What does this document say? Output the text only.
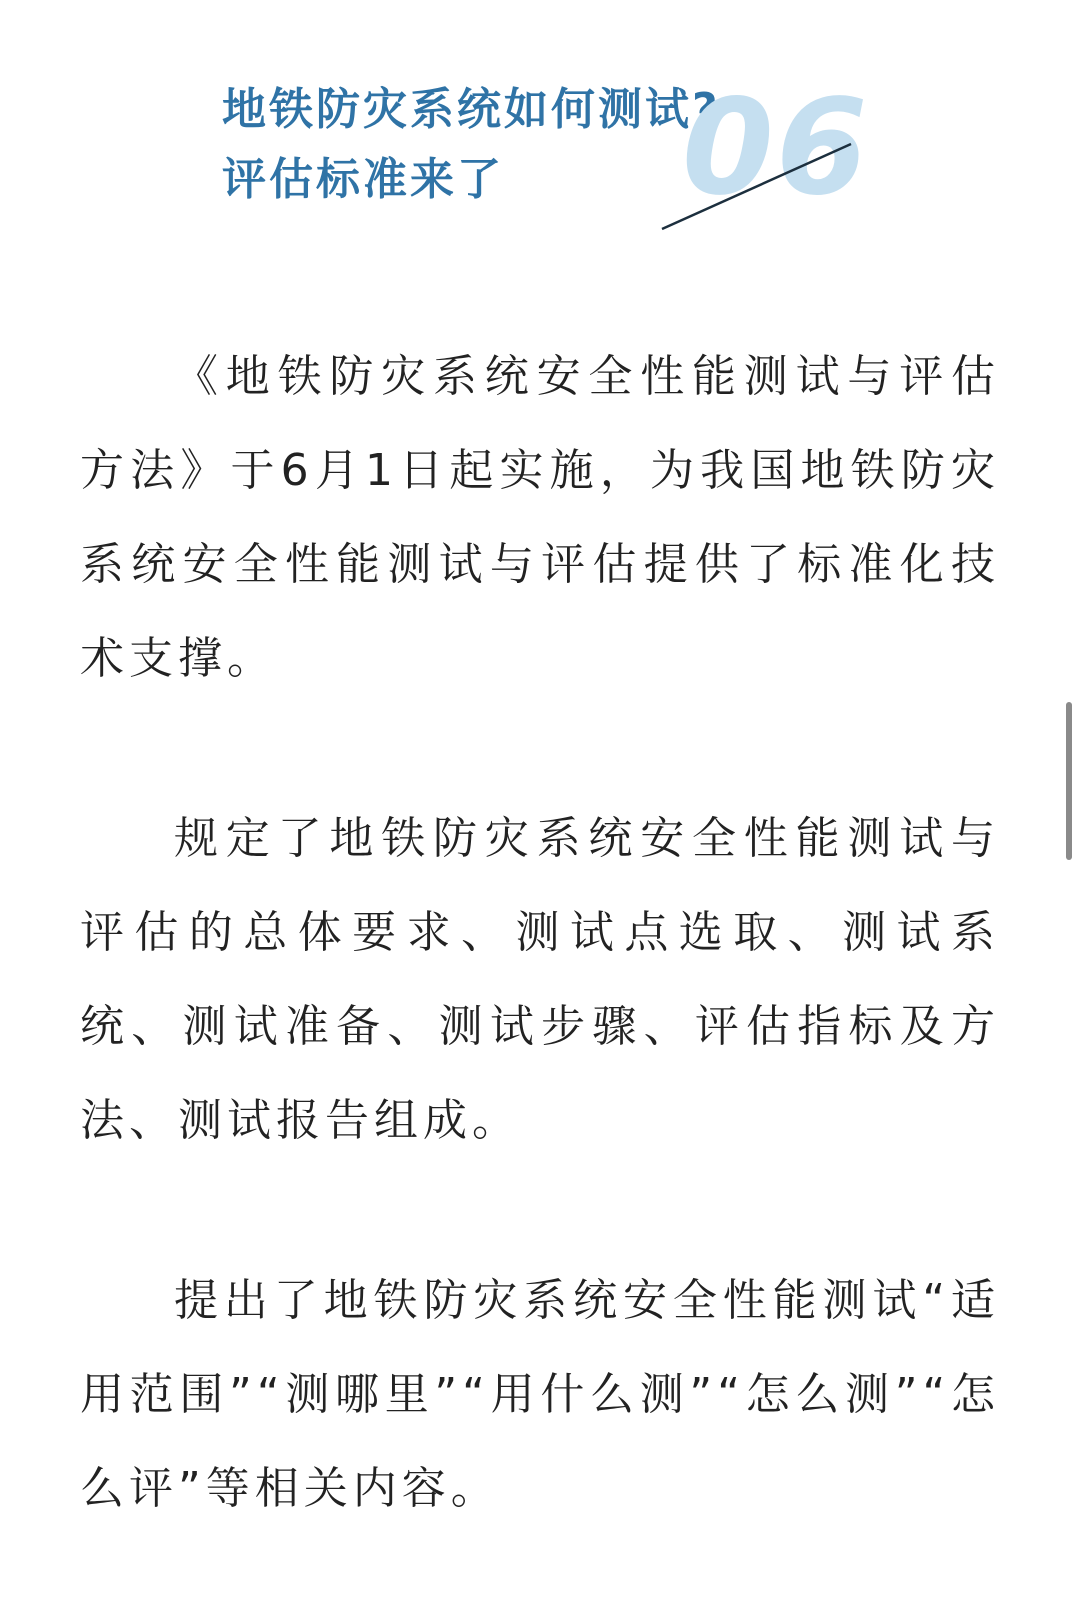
06
地铁防灾系统如何测试?
评估标准来了

《地铁防灾系统安全性能测试与评估方法》于6月1日起实施，为我国地铁防灾系统安全性能测试与评估提供了标准化技术支撑。

规定了地铁防灾系统安全性能测试与评估的总体要求、测试点选取、测试系统、测试准备、测试步骤、评估指标及方法、测试报告组成。

提出了地铁防灾系统安全性能测试“适用范围”“测哪里”“用什么测”“怎么测”“怎么评”等相关内容。
